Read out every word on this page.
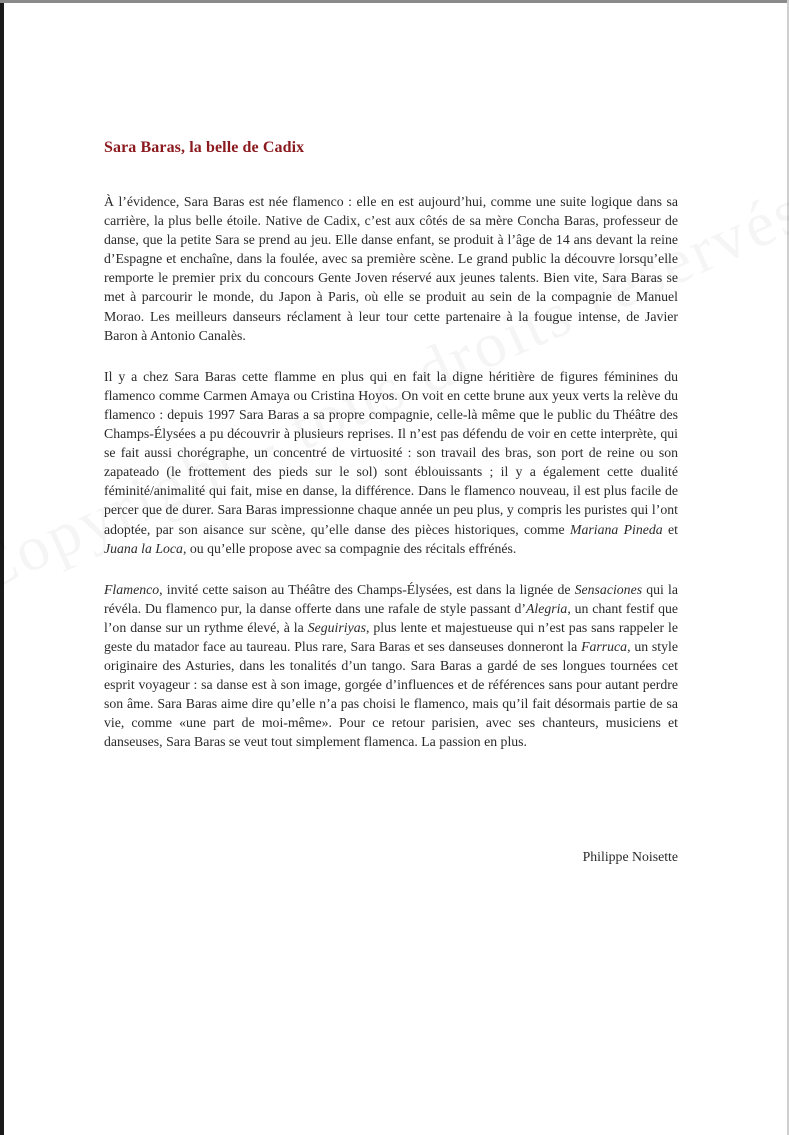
Sara Baras, la belle de Cadix

À l’évidence, Sara Baras est née flamenco : elle en est aujourd’hui, comme une suite logique dans sa carrière, la plus belle étoile. Native de Cadix, c’est aux côtés de sa mère Concha Baras, professeur de danse, que la petite Sara se prend au jeu. Elle danse enfant, se produit à l’âge de 14 ans devant la reine d’Espagne et enchaîne, dans la foulée, avec sa première scène. Le grand public la découvre lorsqu’elle remporte le premier prix du concours Gente Joven réservé aux jeunes talents. Bien vite, Sara Baras se met à parcourir le monde, du Japon à Paris, où elle se produit au sein de la compagnie de Manuel Morao. Les meilleurs danseurs réclament à leur tour cette partenaire à la fougue intense, de Javier Baron à Antonio Canalès.

Il y a chez Sara Baras cette flamme en plus qui en fait la digne héritière de figures féminines du flamenco comme Carmen Amaya ou Cristina Hoyos. On voit en cette brune aux yeux verts la relève du flamenco : depuis 1997 Sara Baras a sa propre compagnie, celle-là même que le public du Théâtre des Champs-Élysées a pu découvrir à plusieurs reprises. Il n’est pas défendu de voir en cette interprète, qui se fait aussi chorégraphe, un concentré de virtuosité : son travail des bras, son port de reine ou son zapateado (le frottement des pieds sur le sol) sont éblouissants ; il y a également cette dualité féminité/animalité qui fait, mise en danse, la différence. Dans le flamenco nouveau, il est plus facile de percer que de durer. Sara Baras impressionne chaque année un peu plus, y compris les puristes qui l’ont adoptée, par son aisance sur scène, qu’elle danse des pièces historiques, comme Mariana Pineda et Juana la Loca, ou qu’elle propose avec sa compagnie des récitals effrénés.

Flamenco, invité cette saison au Théâtre des Champs-Élysées, est dans la lignée de Sensaciones qui la révéla. Du flamenco pur, la danse offerte dans une rafale de style passant d’Alegria, un chant festif que l’on danse sur un rythme élevé, à la Seguiriyas, plus lente et majestueuse qui n’est pas sans rappeler le geste du matador face au taureau. Plus rare, Sara Baras et ses danseuses donneront la Farruca, un style originaire des Asturies, dans les tonalités d’un tango. Sara Baras a gardé de ses longues tournées cet esprit voyageur : sa danse est à son image, gorgée d’influences et de références sans pour autant perdre son âme. Sara Baras aime dire qu’elle n’a pas choisi le flamenco, mais qu’il fait désormais partie de sa vie, comme «une part de moi-même». Pour ce retour parisien, avec ses chanteurs, musiciens et danseuses, Sara Baras se veut tout simplement flamenca. La passion en plus.

Philippe Noisette
